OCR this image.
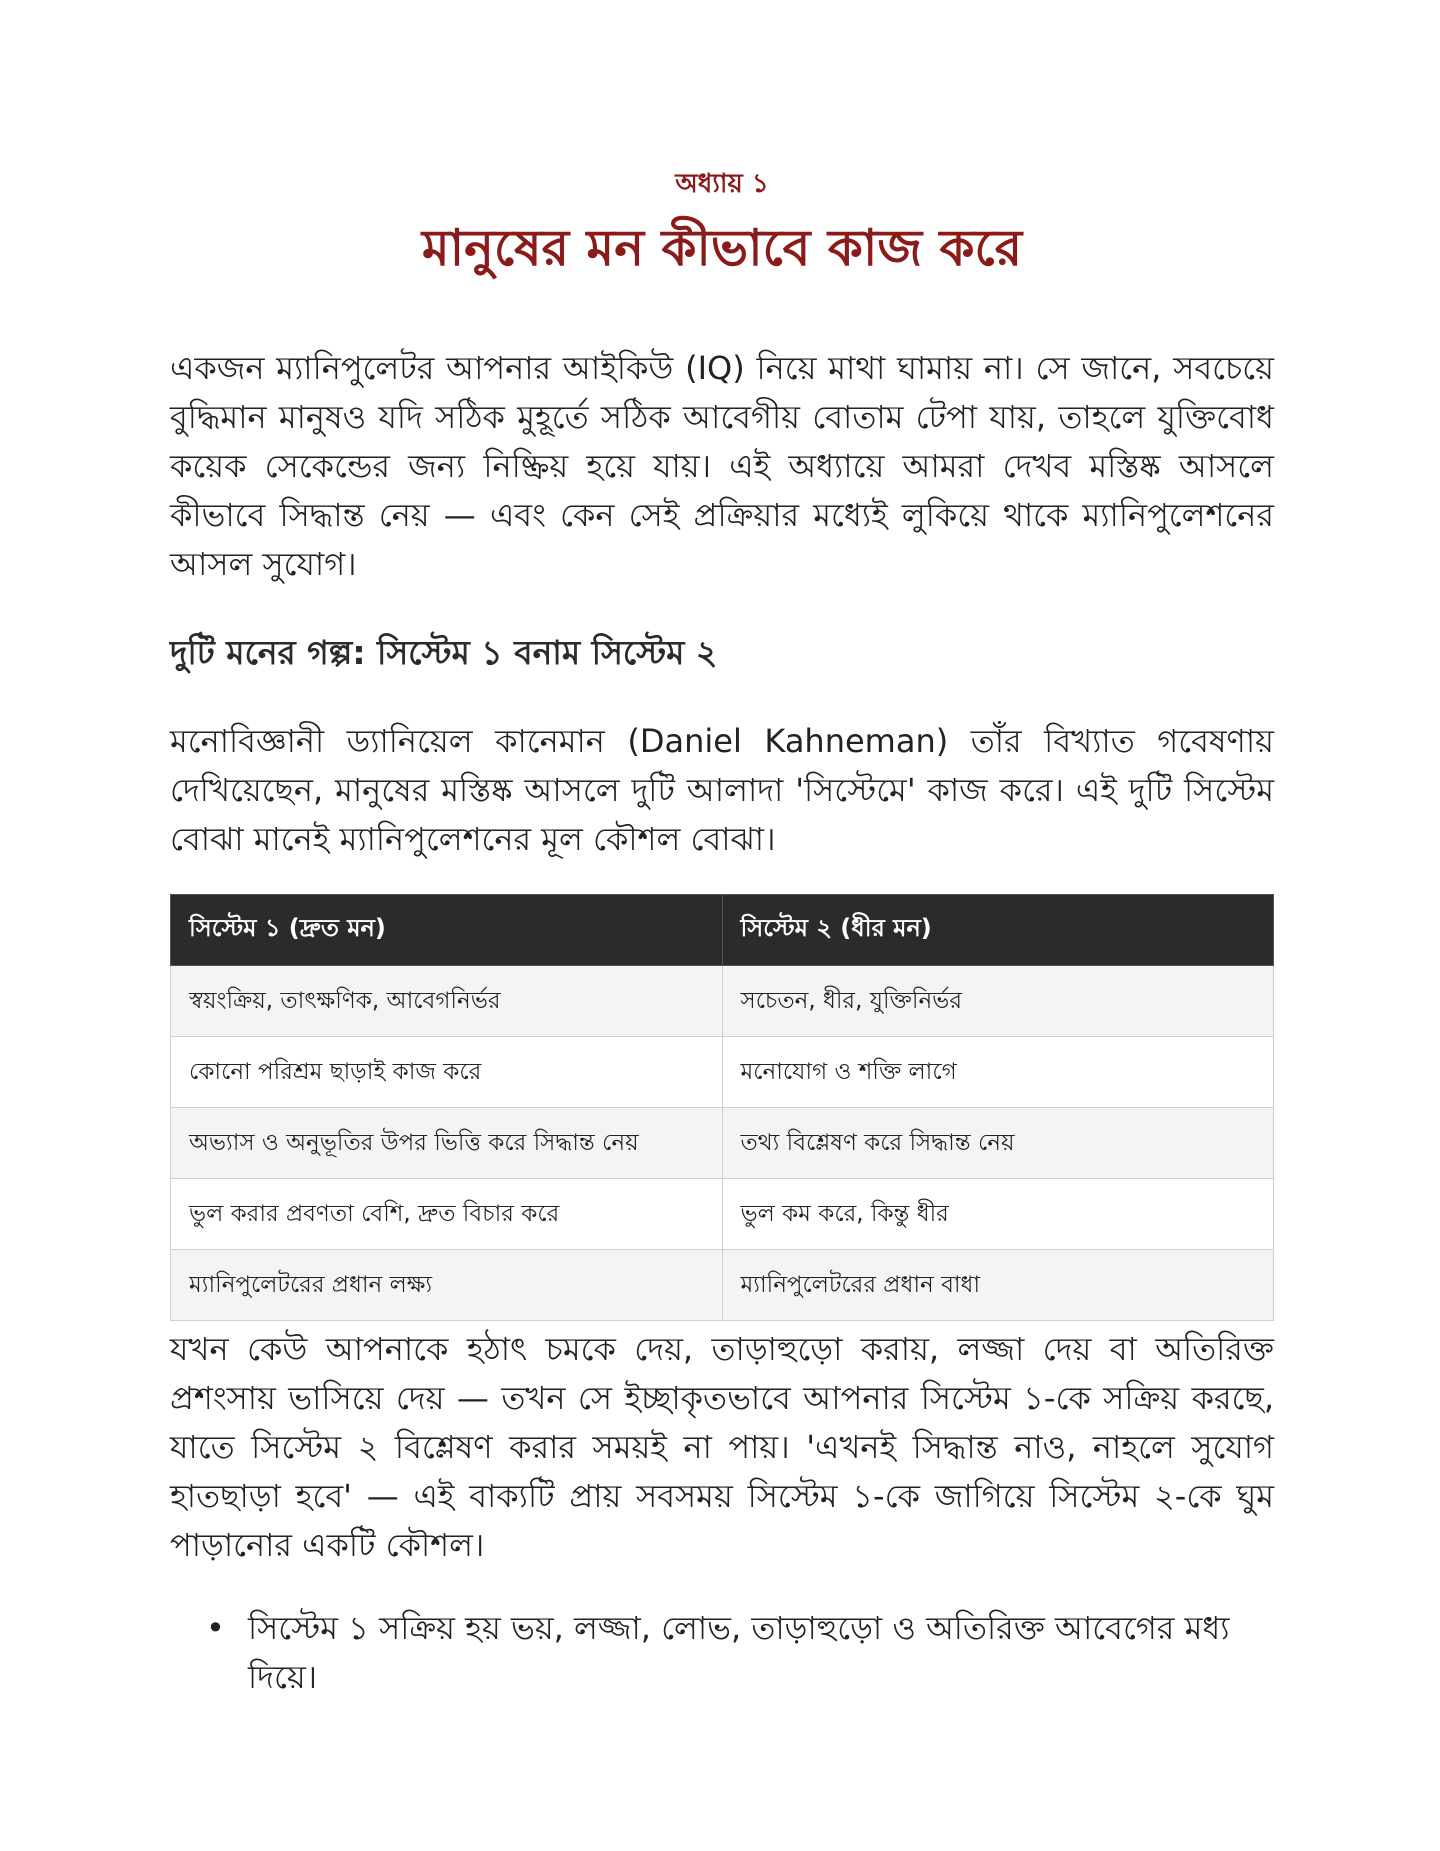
অধ্যায় ১

মানুষের মন কীভাবে কাজ করে

একজন ম্যানিপুলেটর আপনার আইকিউ (IQ) নিয়ে মাথা ঘামায় না। সে জানে, সবচেয়ে বুদ্ধিমান মানুষও যদি সঠিক মুহূর্তে সঠিক আবেগীয় বোতাম টেপা যায়, তাহলে যুক্তিবোধ কয়েক সেকেন্ডের জন্য নিষ্ক্রিয় হয়ে যায়। এই অধ্যায়ে আমরা দেখব মস্তিষ্ক আসলে কীভাবে সিদ্ধান্ত নেয় — এবং কেন সেই প্রক্রিয়ার মধ্যেই লুকিয়ে থাকে ম্যানিপুলেশনের আসল সুযোগ।

দুটি মনের গল্প: সিস্টেম ১ বনাম সিস্টেম ২

মনোবিজ্ঞানী ড্যানিয়েল কানেমান (Daniel Kahneman) তাঁর বিখ্যাত গবেষণায় দেখিয়েছেন, মানুষের মস্তিষ্ক আসলে দুটি আলাদা 'সিস্টেমে' কাজ করে। এই দুটি সিস্টেম বোঝা মানেই ম্যানিপুলেশনের মূল কৌশল বোঝা।

সিস্টেম ১ (দ্রুত মন)	সিস্টেম ২ (ধীর মন)
স্বয়ংক্রিয়, তাৎক্ষণিক, আবেগনির্ভর	সচেতন, ধীর, যুক্তিনির্ভর
কোনো পরিশ্রম ছাড়াই কাজ করে	মনোযোগ ও শক্তি লাগে
অভ্যাস ও অনুভূতির উপর ভিত্তি করে সিদ্ধান্ত নেয়	তথ্য বিশ্লেষণ করে সিদ্ধান্ত নেয়
ভুল করার প্রবণতা বেশি, দ্রুত বিচার করে	ভুল কম করে, কিন্তু ধীর
ম্যানিপুলেটরের প্রধান লক্ষ্য	ম্যানিপুলেটরের প্রধান বাধা

যখন কেউ আপনাকে হঠাৎ চমকে দেয়, তাড়াহুড়ো করায়, লজ্জা দেয় বা অতিরিক্ত প্রশংসায় ভাসিয়ে দেয় — তখন সে ইচ্ছাকৃতভাবে আপনার সিস্টেম ১-কে সক্রিয় করছে, যাতে সিস্টেম ২ বিশ্লেষণ করার সময়ই না পায়। 'এখনই সিদ্ধান্ত নাও, নাহলে সুযোগ হাতছাড়া হবে' — এই বাক্যটি প্রায় সবসময় সিস্টেম ১-কে জাগিয়ে সিস্টেম ২-কে ঘুম পাড়ানোর একটি কৌশল।

• সিস্টেম ১ সক্রিয় হয় ভয়, লজ্জা, লোভ, তাড়াহুড়ো ও অতিরিক্ত আবেগের মধ্য দিয়ে।
